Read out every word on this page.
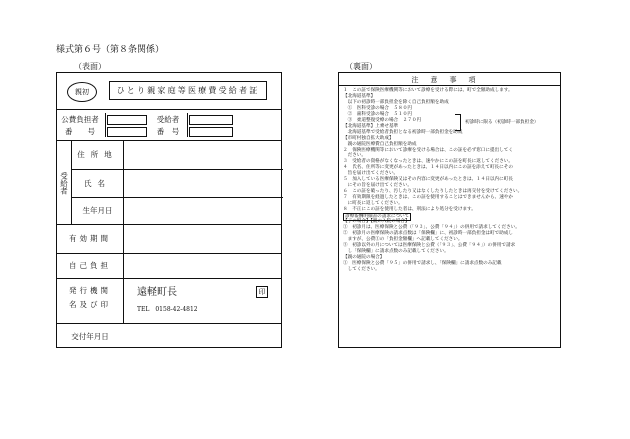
様式第６号（第８条関係）
（表面）	（裏面）
親初	ひとり親家庭等医療費受給者証
公費負担者
番　　号
受給者
番　号
受給者
住所地
氏名
生年月日
有効期間
自己負担
発行機関
名及び印
遠軽町長
TEL　0158-42-4812
印
交付年月日
注意事項
１　この証で保険医療機関等において診療を受ける際には、町で全額助成します。
【北海道基準】
　以下の初診時一部負担金を除く自己負担額を助成
　①　医科受診の場合　５８０円
　②　歯科受診の場合　５１０円
　③　柔道整復受療の場合　２７０円
【北海道基準】上乗せ基準
　北海道基準で受給者負担となる初診時一部負担金を助成
【市町村独自拡大助成】
　親の通院医療費自己負担額を助成
２　保険医療機関等において診療を受ける場合は、この証を必ず窓口に提出してく
　ださい。
３　受給者の資格がなくなったときは、速やかにこの証を町長に返してください。
４　氏名、住所等に変更があったときは、１４日以内にこの証を添えて町長にその
　旨を届け出てください。
５　加入している医療保険又はその内容に変更があったときは、１４日以内に町長
　にその旨を届け出てください。
６　この証を破ったり、汚したり又はなくしたりしたときは再交付を受けてください。
７　有効期限を経過したときは、この証を使用することはできませんから、速やか
　に町長に返してください。
８　不正にこの証を使用した者は、刑法により処分を受けます。
診療報酬明細書の請求について
【子の場合】【親の入院の場合】
①　初診月は、医療保険と公費（「９３」、公費「９４」）の併用で請求してください。
②　初診月の医療保険の請求点数は「保険欄」に、初診時一部負担金は町で助成し
　ますが、公費①の「負担金額欄」へ記載してください。
③　初診以外の月については医療保険と公費（「９３」、公費「９４」）の併用で請求
　し「保険欄」に請求点数のみ記載してください。
【親の通院の場合】
①　医療保険と公費「９５」の併用で請求し、「保険欄」に請求点数のみ記載
　してください。
初診時に限る（初診時一部負担金）
